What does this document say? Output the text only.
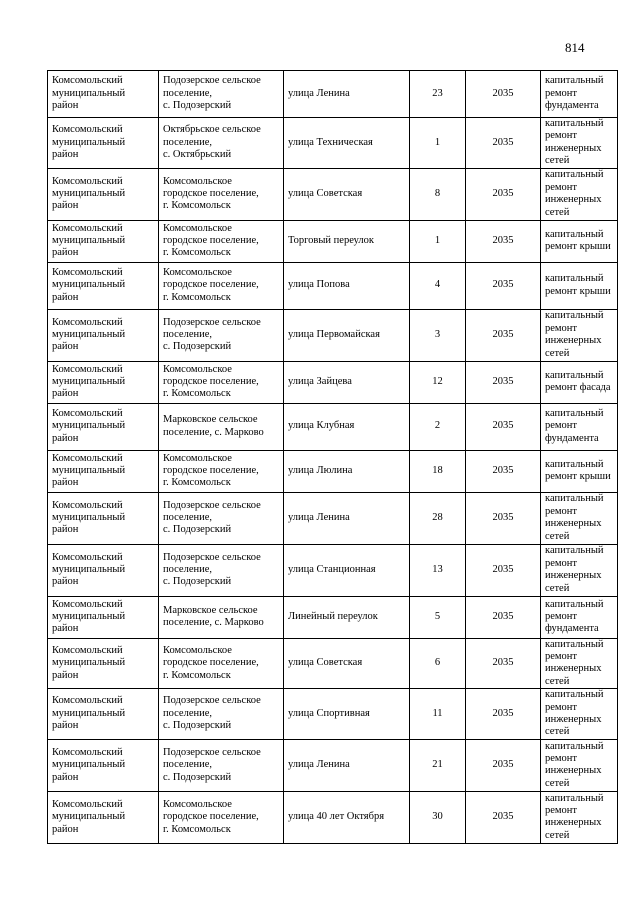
814
Комсомольский
муниципальный
район	Подозерское сельское
поселение,
с. Подозерский	улица Ленина	23	2035	капитальный
ремонт
фундамента

Комсомольский
муниципальный
район	Октябрьское сельское
поселение,
с. Октябрьский	улица Техническая	1	2035	капитальный
ремонт
инженерных
сетей

Комсомольский
муниципальный
район	Комсомольское
городское поселение,
г. Комсомольск	улица Советская	8	2035	капитальный
ремонт
инженерных
сетей

Комсомольский
муниципальный
район	Комсомольское
городское поселение,
г. Комсомольск	Торговый переулок	1	2035	капитальный
ремонт крыши

Комсомольский
муниципальный
район	Комсомольское
городское поселение,
г. Комсомольск	улица Попова	4	2035	капитальный
ремонт крыши

Комсомольский
муниципальный
район	Подозерское сельское
поселение,
с. Подозерский	улица Первомайская	3	2035	капитальный
ремонт
инженерных
сетей

Комсомольский
муниципальный
район	Комсомольское
городское поселение,
г. Комсомольск	улица Зайцева	12	2035	капитальный
ремонт фасада

Комсомольский
муниципальный
район	Марковское сельское
поселение, с. Марково	улица Клубная	2	2035	капитальный
ремонт
фундамента

Комсомольский
муниципальный
район	Комсомольское
городское поселение,
г. Комсомольск	улица Люлина	18	2035	капитальный
ремонт крыши

Комсомольский
муниципальный
район	Подозерское сельское
поселение,
с. Подозерский	улица Ленина	28	2035	капитальный
ремонт
инженерных
сетей

Комсомольский
муниципальный
район	Подозерское сельское
поселение,
с. Подозерский	улица Станционная	13	2035	капитальный
ремонт
инженерных
сетей

Комсомольский
муниципальный
район	Марковское сельское
поселение, с. Марково	Линейный переулок	5	2035	капитальный
ремонт
фундамента

Комсомольский
муниципальный
район	Комсомольское
городское поселение,
г. Комсомольск	улица Советская	6	2035	капитальный
ремонт
инженерных
сетей

Комсомольский
муниципальный
район	Подозерское сельское
поселение,
с. Подозерский	улица Спортивная	11	2035	капитальный
ремонт
инженерных
сетей

Комсомольский
муниципальный
район	Подозерское сельское
поселение,
с. Подозерский	улица Ленина	21	2035	капитальный
ремонт
инженерных
сетей

Комсомольский
муниципальный
район	Комсомольское
городское поселение,
г. Комсомольск	улица 40 лет Октября	30	2035	капитальный
ремонт
инженерных
сетей
